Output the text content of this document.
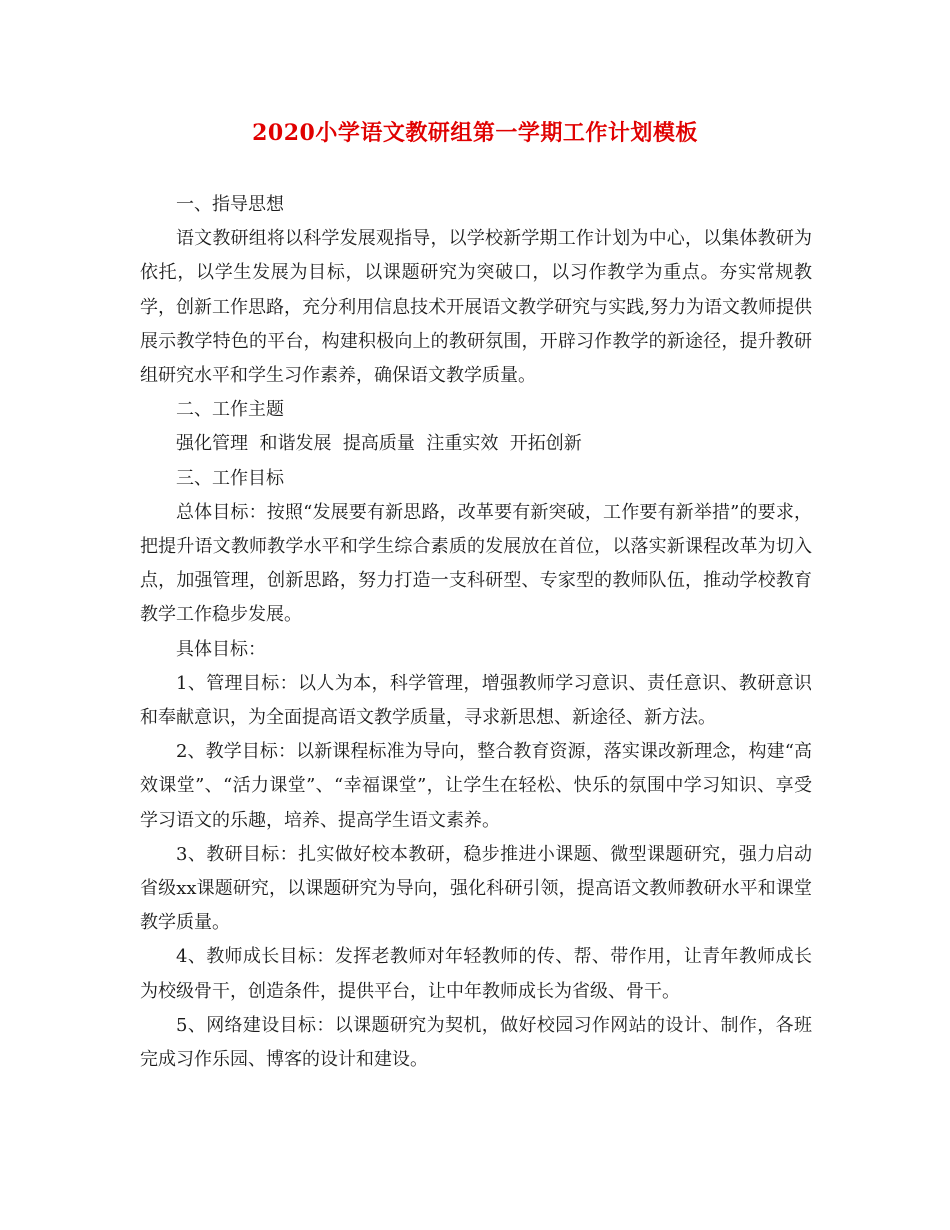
2020小学语文教研组第一学期工作计划模板

一、指导思想

语文教研组将以科学发展观指导，以学校新学期工作计划为中心，以集体教研为依托，以学生发展为目标，以课题研究为突破口，以习作教学为重点。夯实常规教学，创新工作思路，充分利用信息技术开展语文教学研究与实践,努力为语文教师提供展示教学特色的平台，构建积极向上的教研氛围，开辟习作教学的新途径，提升教研组研究水平和学生习作素养，确保语文教学质量。

二、工作主题

强化管理  和谐发展  提高质量  注重实效  开拓创新

三、工作目标

总体目标：按照“发展要有新思路，改革要有新突破，工作要有新举措”的要求，把提升语文教师教学水平和学生综合素质的发展放在首位，以落实新课程改革为切入点，加强管理，创新思路，努力打造一支科研型、专家型的教师队伍，推动学校教育教学工作稳步发展。

具体目标：

1、管理目标：以人为本，科学管理，增强教师学习意识、责任意识、教研意识和奉献意识，为全面提高语文教学质量，寻求新思想、新途径、新方法。

2、教学目标：以新课程标准为导向，整合教育资源，落实课改新理念，构建“高效课堂”、“活力课堂”、“幸福课堂”，让学生在轻松、快乐的氛围中学习知识、享受学习语文的乐趣，培养、提高学生语文素养。

3、教研目标：扎实做好校本教研，稳步推进小课题、微型课题研究，强力启动省级xx课题研究，以课题研究为导向，强化科研引领，提高语文教师教研水平和课堂教学质量。

4、教师成长目标：发挥老教师对年轻教师的传、帮、带作用，让青年教师成长为校级骨干，创造条件，提供平台，让中年教师成长为省级、骨干。

5、网络建设目标：以课题研究为契机，做好校园习作网站的设计、制作，各班完成习作乐园、博客的设计和建设。
